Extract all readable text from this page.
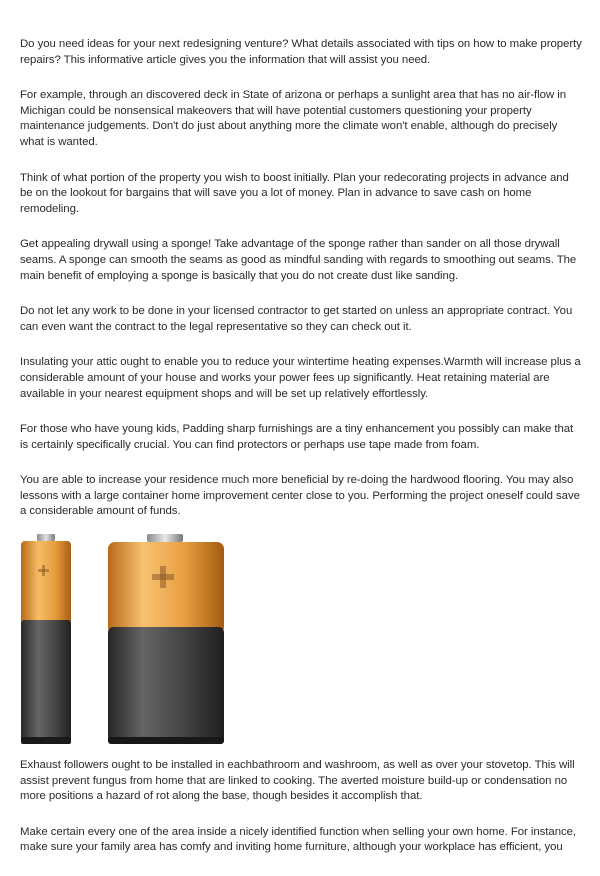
Do you need ideas for your next redesigning venture? What details associated with tips on how to make property repairs? This informative article gives you the information that will assist you need.

For example, through an discovered deck in State of arizona or perhaps a sunlight area that has no air-flow in Michigan could be nonsensical makeovers that will have potential customers questioning your property maintenance judgements. Don't do just about anything more the climate won't enable, although do precisely what is wanted.

Think of what portion of the property you wish to boost initially. Plan your redecorating projects in advance and be on the lookout for bargains that will save you a lot of money. Plan in advance to save cash on home remodeling.

Get appealing drywall using a sponge! Take advantage of the sponge rather than sander on all those drywall seams. A sponge can smooth the seams as good as mindful sanding with regards to smoothing out seams. The main benefit of employing a sponge is basically that you do not create dust like sanding.

Do not let any work to be done in your licensed contractor to get started on unless an appropriate contract. You can even want the contract to the legal representative so they can check out it.

Insulating your attic ought to enable you to reduce your wintertime heating expenses.Warmth will increase plus a considerable amount of your house and works your power fees up significantly. Heat retaining material are available in your nearest equipment shops and will be set up relatively effortlessly.

For those who have young kids, Padding sharp furnishings are a tiny enhancement you possibly can make that is certainly specifically crucial. You can find protectors or perhaps use tape made from foam.

You are able to increase your residence much more beneficial by re-doing the hardwood flooring. You may also lessons with a large container home improvement center close to you. Performing the project oneself could save a considerable amount of funds.

Exhaust followers ought to be installed in eachbathroom and washroom, as well as over your stovetop. This will assist prevent fungus from home that are linked to cooking. The averted moisture build-up or condensation no more positions a hazard of rot along the base, though besides it accomplish that.

Make certain every one of the area inside a nicely identified function when selling your own home. For instance, make sure your family area has comfy and inviting home furniture, although your workplace has efficient, you
